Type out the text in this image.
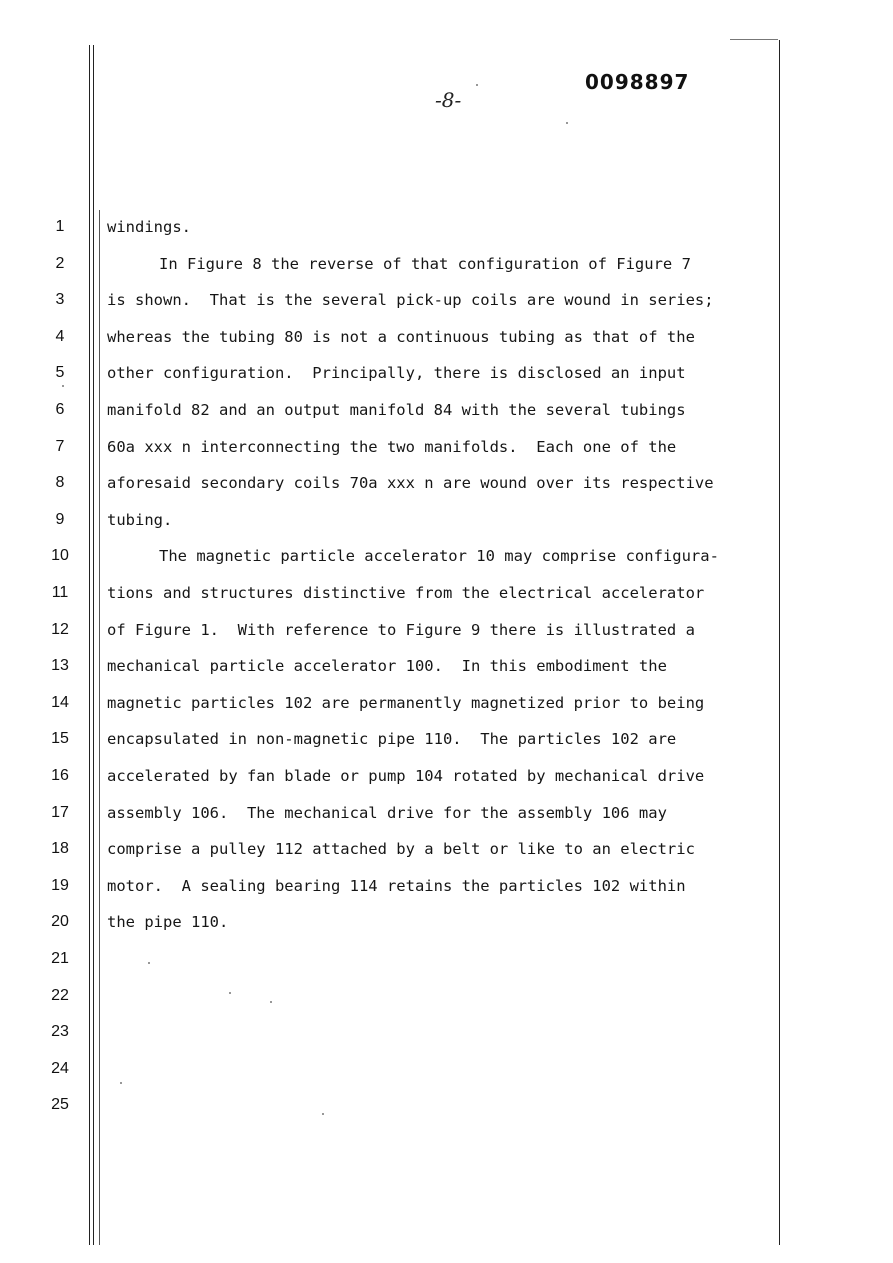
-8-
0098897
1
2
3
4
5
6
7
8
9
10
11
12
13
14
15
16
17
18
19
20
21
22
23
24
25
windings.
In Figure 8 the reverse of that configuration of Figure 7
is shown.  That is the several pick-up coils are wound in series;
whereas the tubing 80 is not a continuous tubing as that of the
other configuration.  Principally, there is disclosed an input
manifold 82 and an output manifold 84 with the several tubings
60a xxx n interconnecting the two manifolds.  Each one of the
aforesaid secondary coils 70a xxx n are wound over its respective
tubing.
The magnetic particle accelerator 10 may comprise configura-
tions and structures distinctive from the electrical accelerator
of Figure 1.  With reference to Figure 9 there is illustrated a
mechanical particle accelerator 100.  In this embodiment the
magnetic particles 102 are permanently magnetized prior to being
encapsulated in non-magnetic pipe 110.  The particles 102 are
accelerated by fan blade or pump 104 rotated by mechanical drive
assembly 106.  The mechanical drive for the assembly 106 may
comprise a pulley 112 attached by a belt or like to an electric
motor.  A sealing bearing 114 retains the particles 102 within
the pipe 110.
